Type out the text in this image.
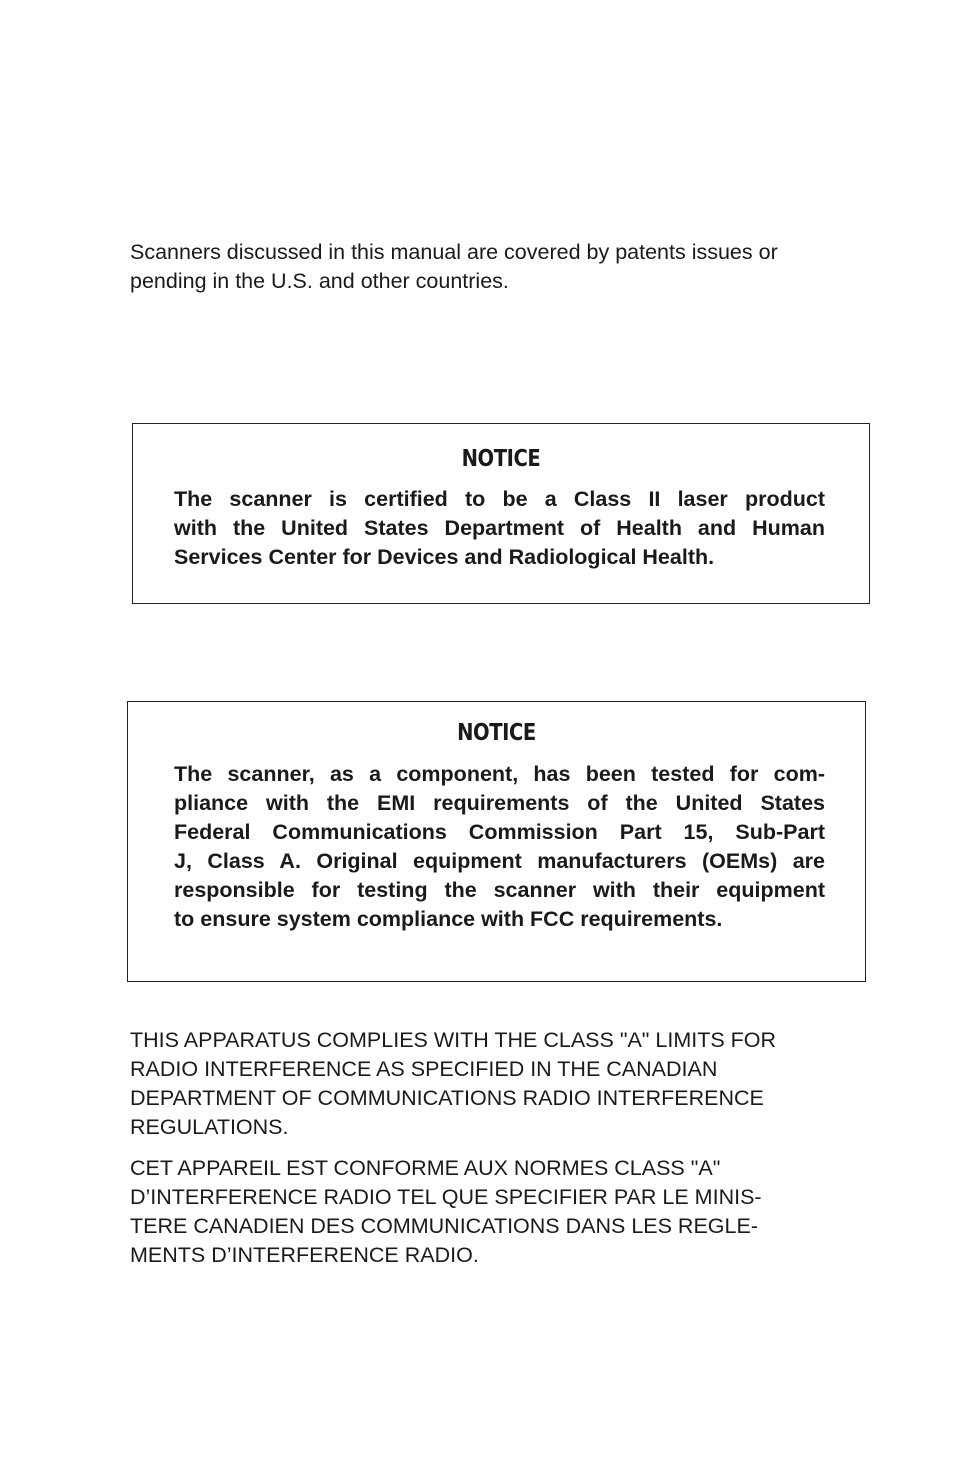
Scanners discussed in this manual are covered by patents issues or
pending in the U.S. and other countries.

NOTICE

The scanner is certified to be a Class II laser product
with the United States Department of Health and Human
Services Center for Devices and Radiological Health.

NOTICE

The scanner, as a component, has been tested for com-
pliance with the EMI requirements of the United States
Federal Communications Commission Part 15, Sub-Part
J, Class A. Original equipment manufacturers (OEMs) are
responsible for testing the scanner with their equipment
to ensure system compliance with FCC requirements.

THIS APPARATUS COMPLIES WITH THE CLASS "A" LIMITS FOR
RADIO INTERFERENCE AS SPECIFIED IN THE CANADIAN
DEPARTMENT OF COMMUNICATIONS RADIO INTERFERENCE
REGULATIONS.

CET APPAREIL EST CONFORME AUX NORMES CLASS "A"
D’INTERFERENCE RADIO TEL QUE SPECIFIER PAR LE MINIS-
TERE CANADIEN DES COMMUNICATIONS DANS LES REGLE-
MENTS D’INTERFERENCE RADIO.
